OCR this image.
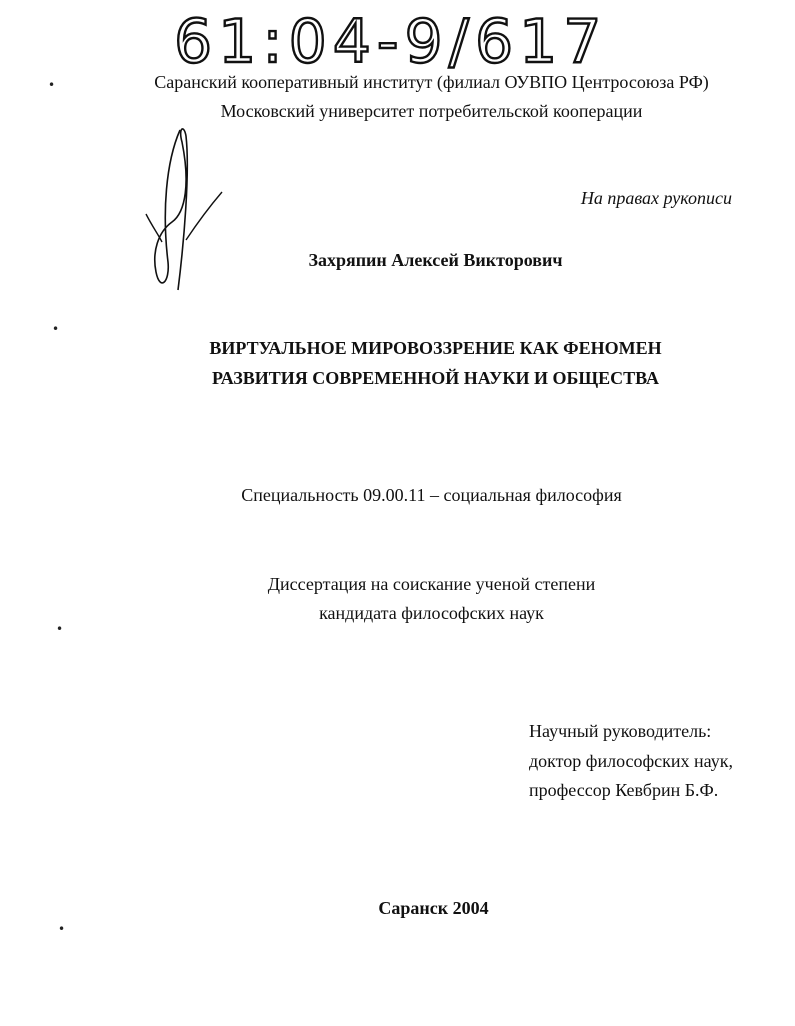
61:04-9/617
•
•
•
•
Саранский кооперативный институт (филиал ОУВПО Центросоюза РФ)
Московский университет потребительской кооперации
На правах рукописи
Захряпин Алексей Викторович
ВИРТУАЛЬНОЕ МИРОВОЗЗРЕНИЕ КАК ФЕНОМЕН
РАЗВИТИЯ СОВРЕМЕННОЙ НАУКИ И ОБЩЕСТВА
Специальность 09.00.11 – социальная философия
Диссертация на соискание ученой степени
кандидата философских наук
Научный руководитель:
доктор философских наук,
профессор Кевбрин Б.Ф.
Саранск 2004
